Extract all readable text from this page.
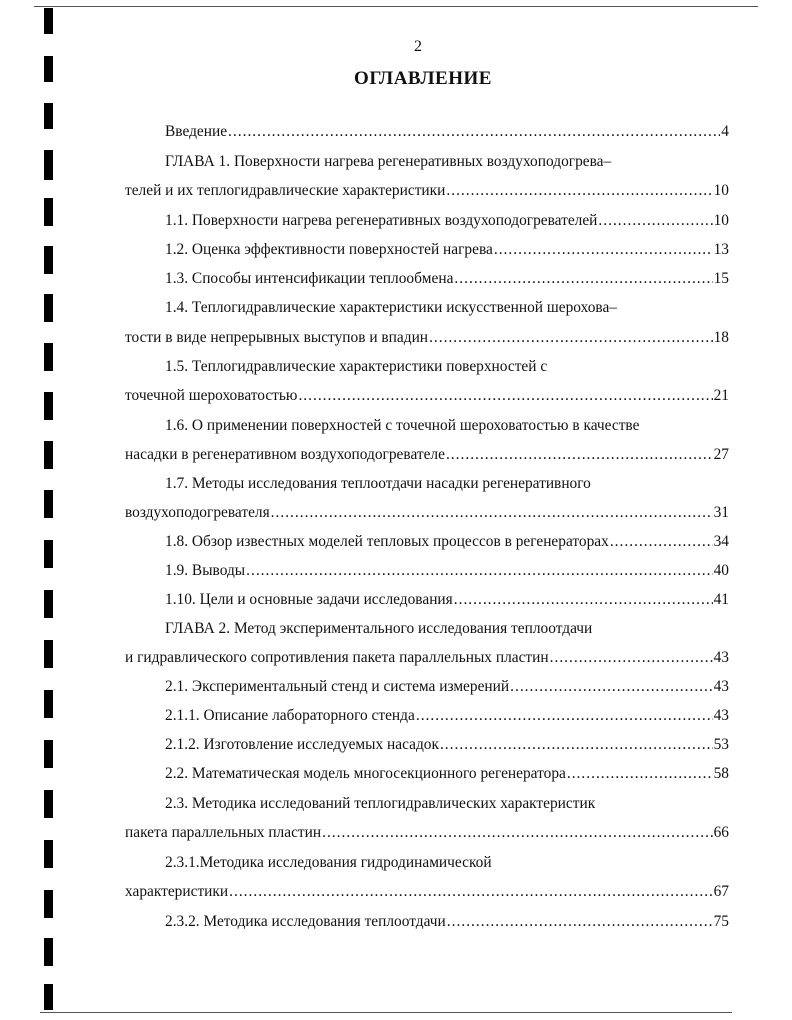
2
ОГЛАВЛЕНИЕ
Введение .....	4
ГЛАВА 1. Поверхности нагрева регенеративных воздухоподогрева–
телей и их теплогидравлические характеристики .....	10
1.1. Поверхности нагрева регенеративных воздухоподогревателей .....	10
1.2. Оценка эффективности поверхностей нагрева .....	13
1.3. Способы интенсификации теплообмена .....	15
1.4. Теплогидравлические характеристики искусственной шерохова–
тости в виде непрерывных выступов и впадин .....	18
1.5. Теплогидравлические характеристики поверхностей с
точечной шероховатостью .....	21
1.6. О применении поверхностей с точечной шероховатостью в качестве
насадки в регенеративном воздухоподогревателе .....	27
1.7. Методы исследования теплоотдачи насадки регенеративного
воздухоподогревателя .....	31
1.8. Обзор известных моделей тепловых процессов в регенераторах .....	34
1.9. Выводы .....	40
1.10. Цели и основные задачи исследования .....	41
ГЛАВА 2. Метод экспериментального исследования теплоотдачи
и гидравлического сопротивления пакета параллельных пластин .....	43
2.1. Экспериментальный стенд и система измерений .....	43
2.1.1. Описание лабораторного стенда .....	43
2.1.2. Изготовление исследуемых насадок .....	53
2.2. Математическая модель многосекционного регенератора .....	58
2.3. Методика исследований теплогидравлических характеристик
пакета параллельных пластин .....	66
2.3.1.Методика исследования гидродинамической
характеристики .....	67
2.3.2. Методика исследования теплоотдачи .....	75
